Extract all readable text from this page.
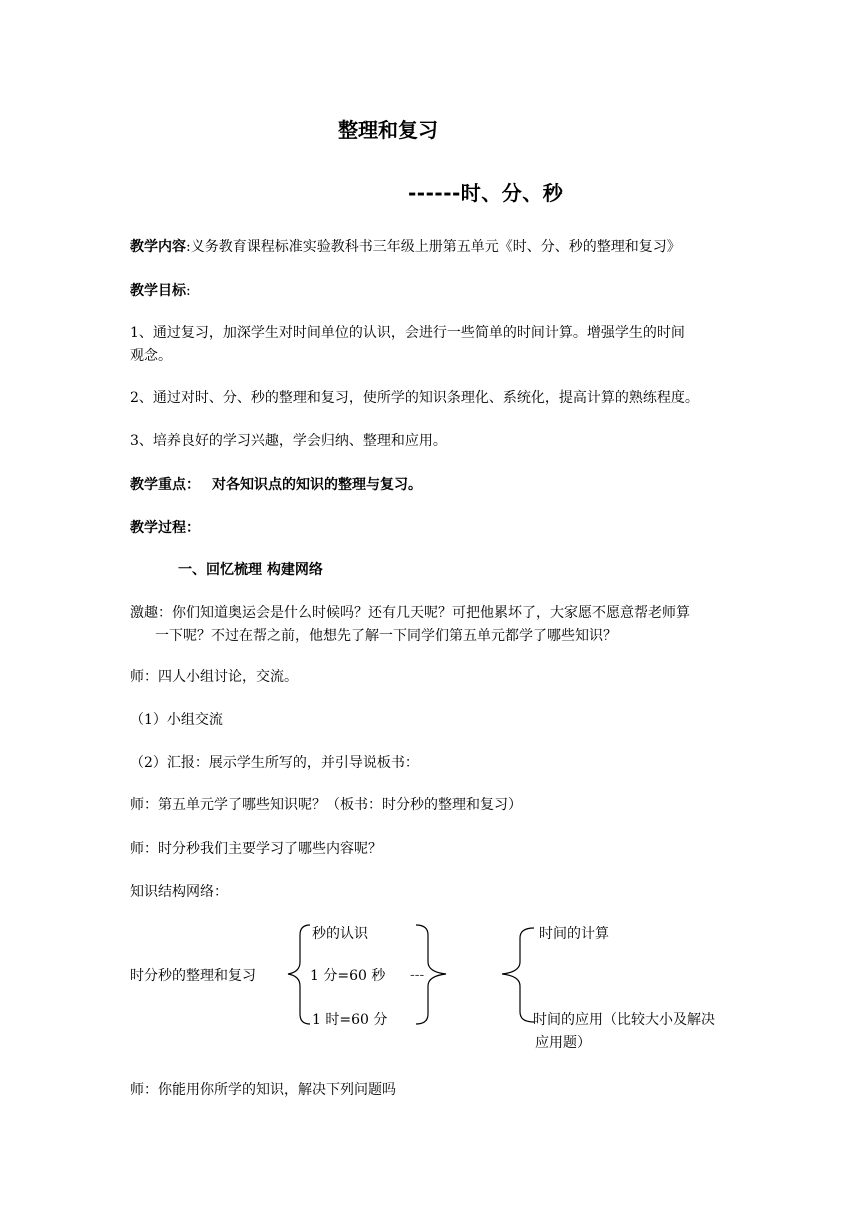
整理和复习
------时、分、秒
教学内容:义务教育课程标准实验教科书三年级上册第五单元《时、分、秒的整理和复习》
教学目标:
1、通过复习，加深学生对时间单位的认识，会进行一些简单的时间计算。增强学生的时间
观念。
2、通过对时、分、秒的整理和复习，使所学的知识条理化、系统化，提高计算的熟练程度。
3、培养良好的学习兴趣，学会归纳、整理和应用。
教学重点： 对各知识点的知识的整理与复习。
教学过程：
一、回忆梳理 构建网络
激趣：你们知道奥运会是什么时候吗？还有几天呢？可把他累坏了，大家愿不愿意帮老师算
一下呢？不过在帮之前，他想先了解一下同学们第五单元都学了哪些知识？
师：四人小组讨论，交流。
（1）小组交流
（2）汇报：展示学生所写的，并引导说板书：
师：第五单元学了哪些知识呢？（板书：时分秒的整理和复习）
师：时分秒我们主要学习了哪些内容呢？
知识结构网络：
时分秒的整理和复习
秒的认识
1 分=60 秒
1 时=60 分
---
时间的计算
时间的应用（比较大小及解决
应用题）
师：你能用你所学的知识，解决下列问题吗
